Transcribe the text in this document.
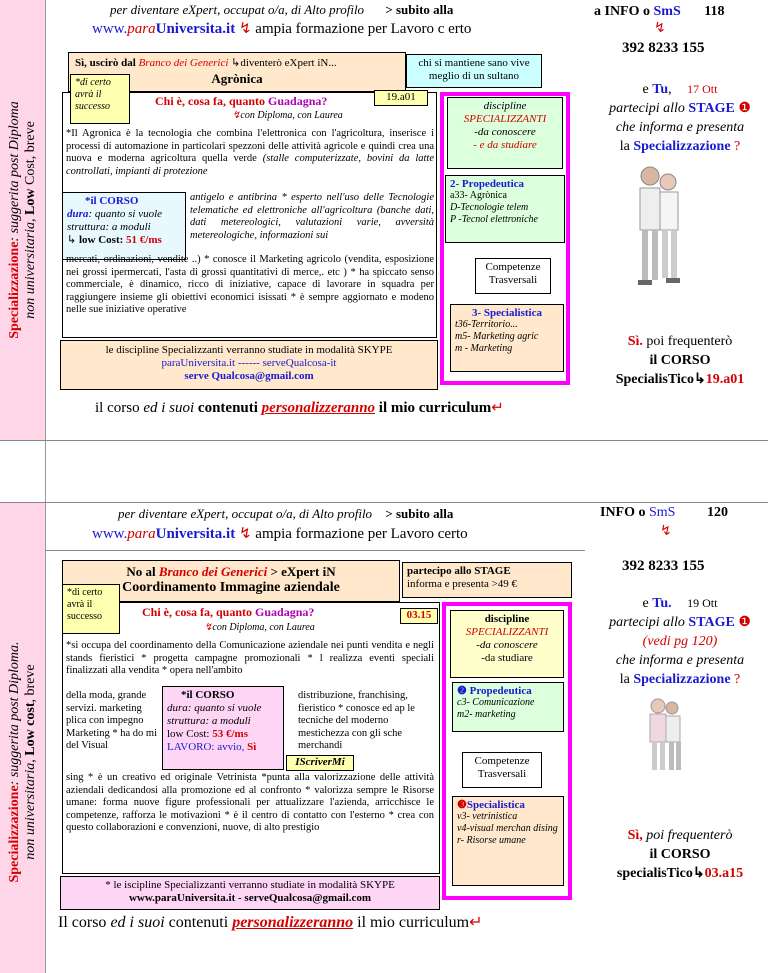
Specializzazione: suggerita post Diploma
non universitaria, Low Cost, breve
Specializzazione: suggerita post Diploma.
non universitaria, Low cost, breve
per diventare eXpert, occupat o/a, di Alto profilo > subito alla
www.paraUniversita.it ↯ ampia formazione per Lavoro c erto
a INFO o SmS 118
↯
392 8233 155
Sì, uscirò dal Branco dei Generici ↳diventerò eXpert iN...
Agrònica
chi si mantiene sano vive meglio di un sultano
*di certo avrà il successo	Chi è, cosa fa, quanto Guadagna?	19.a01
↯con Diploma, con Laurea
*Il Agronica è la tecnologia che combina l'elettronica con l'agricoltura, inserisce i processi di automazione in particolari spezzoni delle attività agricole e quindi crea una nuova e moderna agricoltura quella verde (stalle computerizzate, bovini da latte controllati, impianti di protezione
antigelo e antibrina * esperto nell'uso delle Tecnologie telematiche ed elettroniche all'agricoltura (banche dati, dati metereologici, valutazioni varie, avversità metereologiche, informazioni sui
*il CORSO
dura: quanto si vuole
struttura: a moduli
↳ low Cost: 51 €/ms
mercati, ordinazioni, vendite ..) * conosce il Marketing agricolo (vendita, esposizione nei grossi ipermercati, l'asta di grossi quantitativi di merce,. etc ) * ha spiccato senso commerciale, è dinamico, ricco di iniziative, capace di lavorare in squadra per raggiungere insieme gli obiettivi economici isissati * è sempre aggiornato e modeno nelle sue iniziative operative
le discipline Specializzanti verranno studiate in modalità SKYPE
paraUniversita.it ------ serveQualcosa-it
serve Qualcosa@gmail.com
il corso ed i suoi contenuti personalizzeranno il mio curriculum↵
discipline
SPECIALIZZANTI
-da conoscere
- e da studiare
2- Propedeutica
a33- Agrònica
D-Tecnologie telem
P -Tecnol elettroniche
Competenze Trasversali
3- Specialistica
t36-Territorio...
m5- Marketing agric
m - Marketing
e Tu, 17 Ott
partecipi allo STAGE ❶
che informa e presenta
la Specializzazione ?
Sì. poi frequenterò
il CORSO
SpecialisTico↳19.a01
per diventare eXpert, occupat o/a, di Alto profilo > subito alla
www.paraUniversita.it ↯ ampia formazione per Lavoro certo
INFO o SmS 120
↯
392 8233 155
No al Branco dei Generici > eXpert iN
Coordinamento Immagine aziendale
partecipo allo STAGE
informa e presenta >49 €
*di certo avrà il successo	Chi è, cosa fa, quanto Guadagna?	03.15
↯con Diploma, con Laurea
*si occupa del coordinamento della Comunicazione aziendale nei punti vendita e negli stands fieristici * progetta campagne promozionali * l realizza eventi speciali finalizzati alla vendita * opera nell'ambito
della moda, grande servizi. marketing plica con impegno Marketing * ha do mi del Visual
*il CORSO
dura: quanto si vuole
struttura: a moduli
low Cost: 53 €/ms
LAVORO: avvio, Sì
distribuzione, franchising, fieristico * conosce ed ap le tecniche del moderno mestichezza con gli sche merchandi
IScriverMi
sing * è un creativo ed originale Vetrinista *punta alla valorizzazione delle attività aziendali dedicandosi alla promozione ed al confronto * valorizza sempre le Risorse umane: forma nuove figure professionali per attualizzare l'azienda, arricchisce le competenze, rafforza le motivazioni * è il centro di contatto con l'esterno * crea con questo collaborazioni e convenzioni, nuove, di alto prestigio
* le iscipline Specializzanti verranno studiate in modalità SKYPE
www.paraUniversita.it - serveQualcosa@gmail.com
Il corso ed i suoi contenuti personalizzeranno il mio curriculum↵
discipline
SPECIALIZZANTI
-da conoscere
-da studiare
❷ Propedeutica
c3- Comunicazione
m2- marketing
Competenze Trasversali
❸Specialistica
v3- vetrinistica
v4-visual merchan dising
r- Risorse umane
e Tu. 19 Ott
partecipi allo STAGE ❶
(vedi pg 120)
che informa e presenta
la Specializzazione ?
Sì, poi frequenterò
il CORSO
specialisTico↳03.a15
